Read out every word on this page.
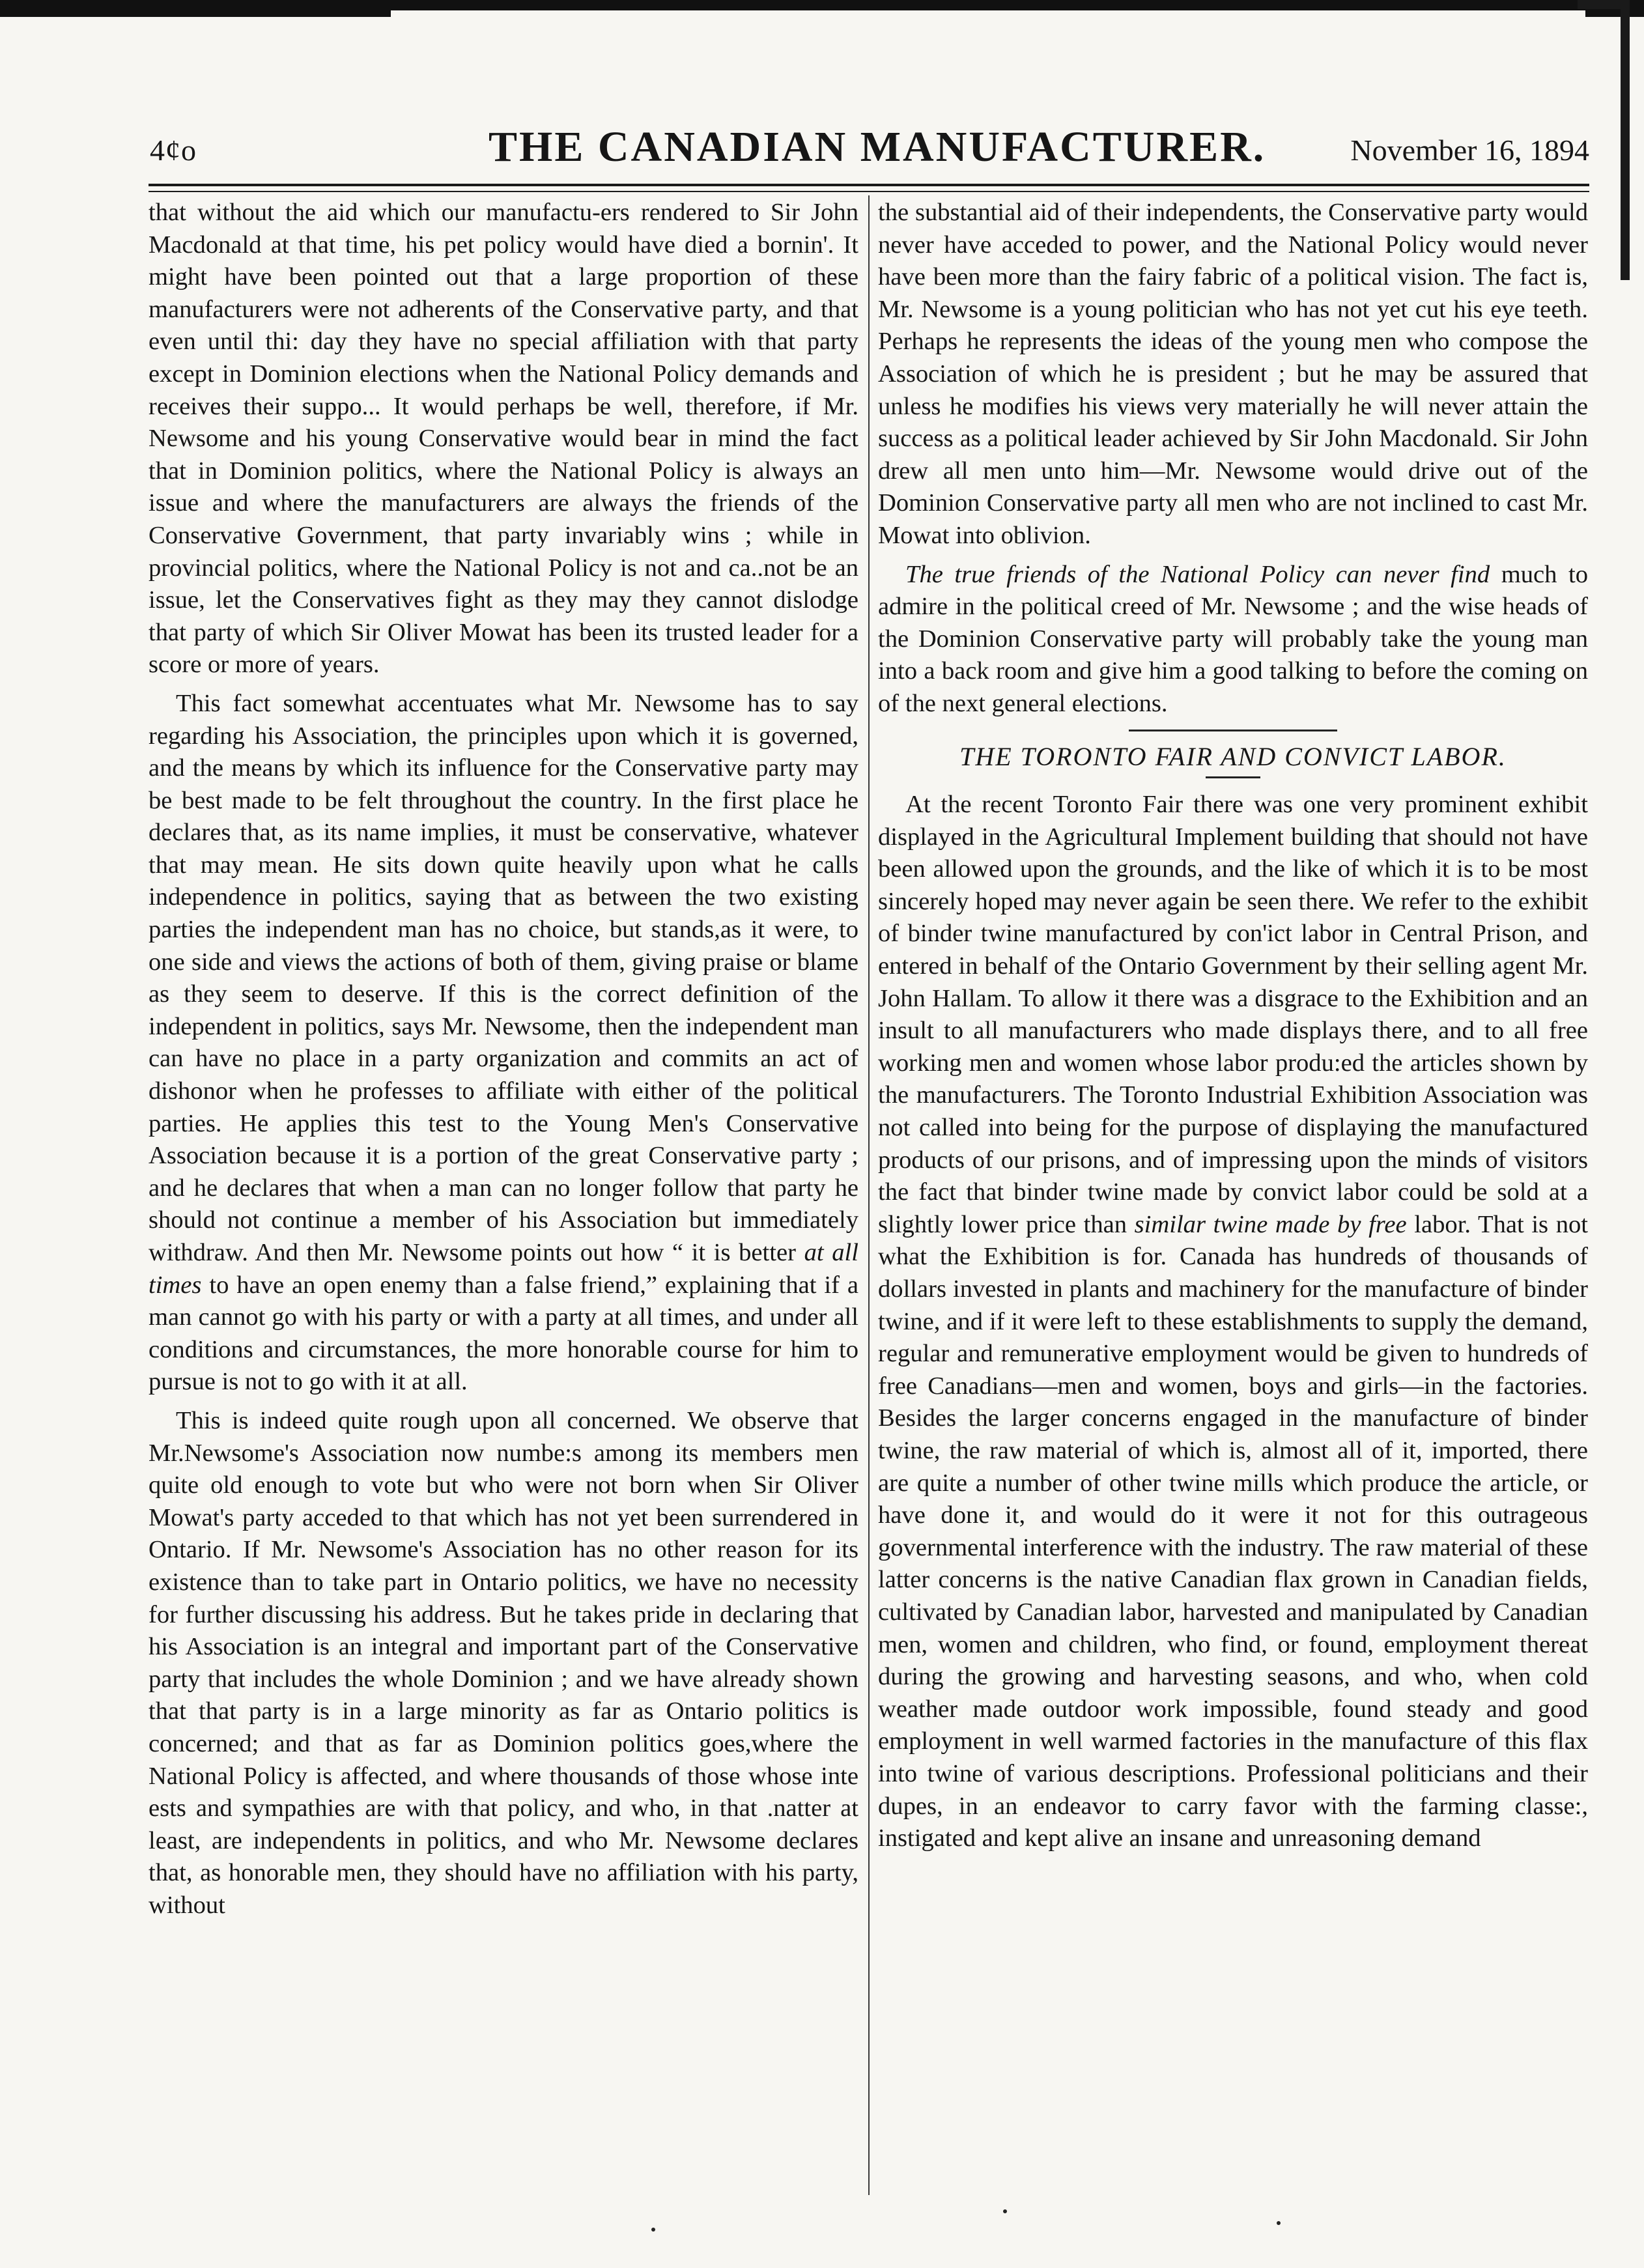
4¢o	THE CANADIAN MANUFACTURER.	November 16, 1894

that without the aid which our manufactu-ers rendered to Sir John Macdonald at that time, his pet policy would have died a bornin'. It might have been pointed out that a large proportion of these manufacturers were not adherents of the Conservative party, and that even until thi: day they have no special affiliation with that party except in Dominion elections when the National Policy demands and receives their suppo... It would perhaps be well, therefore, if Mr. Newsome and his young Conservative would bear in mind the fact that in Dominion politics, where the National Policy is always an issue and where the manufacturers are always the friends of the Conservative Government, that party invariably wins ; while in provincial politics, where the National Policy is not and ca..not be an issue, let the Conservatives fight as they may they cannot dislodge that party of which Sir Oliver Mowat has been its trusted leader for a score or more of years.

This fact somewhat accentuates what Mr. Newsome has to say regarding his Association, the principles upon which it is governed, and the means by which its influence for the Conservative party may be best made to be felt throughout the country. In the first place he declares that, as its name implies, it must be conservative, whatever that may mean. He sits down quite heavily upon what he calls independence in politics, saying that as between the two existing parties the independent man has no choice, but stands,as it were, to one side and views the actions of both of them, giving praise or blame as they seem to deserve. If this is the correct definition of the independent in politics, says Mr. Newsome, then the independent man can have no place in a party organization and commits an act of dishonor when he professes to affiliate with either of the political parties. He applies this test to the Young Men's Conservative Association because it is a portion of the great Conservative party ; and he declares that when a man can no longer follow that party he should not continue a member of his Association but immediately withdraw. And then Mr. Newsome points out how “ it is better at all times to have an open enemy than a false friend,” explaining that if a man cannot go with his party or with a party at all times, and under all conditions and circumstances, the more honorable course for him to pursue is not to go with it at all.

This is indeed quite rough upon all concerned. We observe that Mr.Newsome's Association now numbe:s among its members men quite old enough to vote but who were not born when Sir Oliver Mowat's party acceded to that which has not yet been surrendered in Ontario. If Mr. Newsome's Association has no other reason for its existence than to take part in Ontario politics, we have no necessity for further discussing his address. But he takes pride in declaring that his Association is an integral and important part of the Conservative party that includes the whole Dominion ; and we have already shown that that party is in a large minority as far as Ontario politics is concerned; and that as far as Dominion politics goes,where the National Policy is affected, and where thousands of those whose inte ests and sympathies are with that policy, and who, in that .natter at least, are independents in politics, and who Mr. Newsome declares that, as honorable men, they should have no affiliation with his party, without

the substantial aid of their independents, the Conservative party would never have acceded to power, and the National Policy would never have been more than the fairy fabric of a political vision. The fact is, Mr. Newsome is a young politician who has not yet cut his eye teeth. Perhaps he represents the ideas of the young men who compose the Association of which he is president ; but he may be assured that unless he modifies his views very materially he will never attain the success as a political leader achieved by Sir John Macdonald. Sir John drew all men unto him—Mr. Newsome would drive out of the Dominion Conservative party all men who are not inclined to cast Mr. Mowat into oblivion.

The true friends of the National Policy can never find much to admire in the political creed of Mr. Newsome ; and the wise heads of the Dominion Conservative party will probably take the young man into a back room and give him a good talking to before the coming on of the next general elections.

THE TORONTO FAIR AND CONVICT LABOR.

At the recent Toronto Fair there was one very prominent exhibit displayed in the Agricultural Implement building that should not have been allowed upon the grounds, and the like of which it is to be most sincerely hoped may never again be seen there. We refer to the exhibit of binder twine manufactured by con'ict labor in Central Prison, and entered in behalf of the Ontario Government by their selling agent Mr. John Hallam. To allow it there was a disgrace to the Exhibition and an insult to all manufacturers who made displays there, and to all free working men and women whose labor produ:ed the articles shown by the manufacturers. The Toronto Industrial Exhibition Association was not called into being for the purpose of displaying the manufactured products of our prisons, and of impressing upon the minds of visitors the fact that binder twine made by convict labor could be sold at a slightly lower price than similar twine made by free labor. That is not what the Exhibition is for. Canada has hundreds of thousands of dollars invested in plants and machinery for the manufacture of binder twine, and if it were left to these establishments to supply the demand, regular and remunerative employment would be given to hundreds of free Canadians—men and women, boys and girls—in the factories. Besides the larger concerns engaged in the manufacture of binder twine, the raw material of which is, almost all of it, imported, there are quite a number of other twine mills which produce the article, or have done it, and would do it were it not for this outrageous governmental interference with the industry. The raw material of these latter concerns is the native Canadian flax grown in Canadian fields, cultivated by Canadian labor, harvested and manipulated by Canadian men, women and children, who find, or found, employment thereat during the growing and harvesting seasons, and who, when cold weather made outdoor work impossible, found steady and good employment in well warmed factories in the manufacture of this flax into twine of various descriptions. Professional politicians and their dupes, in an endeavor to carry favor with the farming classe:, instigated and kept alive an insane and unreasoning demand
